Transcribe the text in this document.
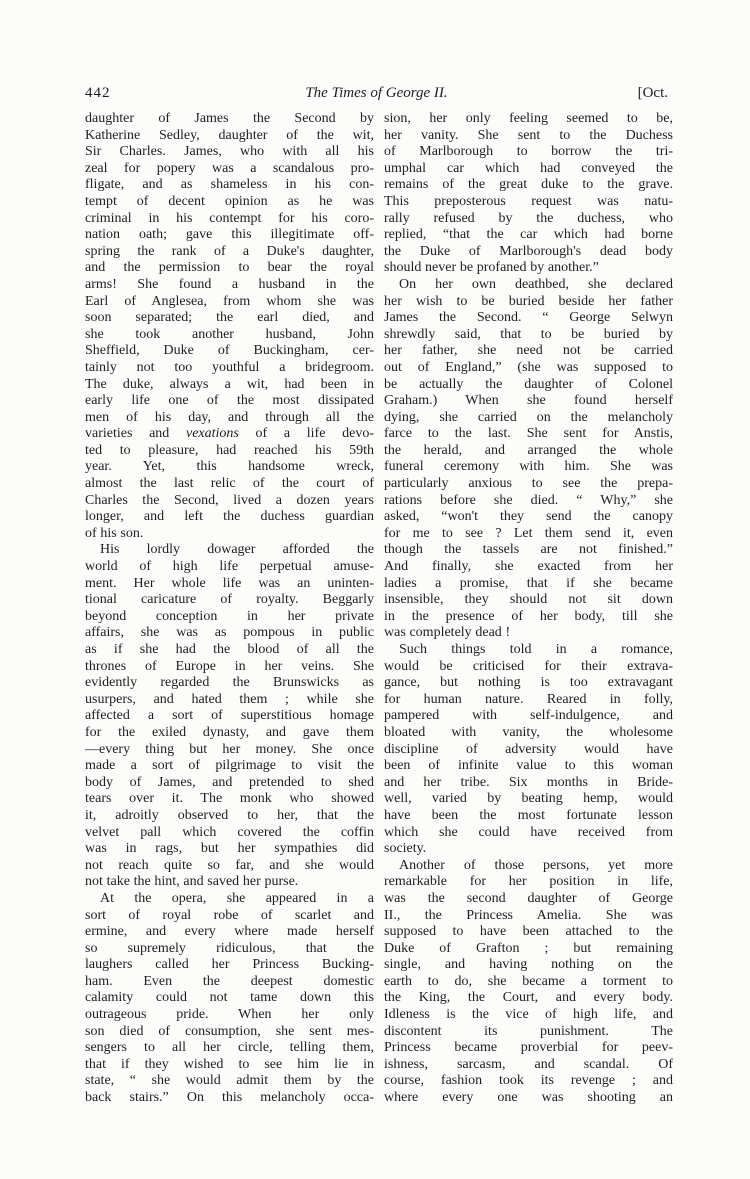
442	The Times of George II.	[Oct.
daughter of James the Second by
Katherine Sedley, daughter of the wit,
Sir Charles. James, who with all his
zeal for popery was a scandalous pro-
fligate, and as shameless in his con-
tempt of decent opinion as he was
criminal in his contempt for his coro-
nation oath; gave this illegitimate off-
spring the rank of a Duke's daughter,
and the permission to bear the royal
arms! She found a husband in the
Earl of Anglesea, from whom she was
soon separated; the earl died, and
she took another husband, John
Sheffield, Duke of Buckingham, cer-
tainly not too youthful a bridegroom.
The duke, always a wit, had been in
early life one of the most dissipated
men of his day, and through all the
varieties and vexations of a life devo-
ted to pleasure, had reached his 59th
year. Yet, this handsome wreck,
almost the last relic of the court of
Charles the Second, lived a dozen years
longer, and left the duchess guardian
of his son.
His lordly dowager afforded the
world of high life perpetual amuse-
ment. Her whole life was an uninten-
tional caricature of royalty. Beggarly
beyond conception in her private
affairs, she was as pompous in public
as if she had the blood of all the
thrones of Europe in her veins. She
evidently regarded the Brunswicks as
usurpers, and hated them ; while she
affected a sort of superstitious homage
for the exiled dynasty, and gave them
—every thing but her money. She once
made a sort of pilgrimage to visit the
body of James, and pretended to shed
tears over it. The monk who showed
it, adroitly observed to her, that the
velvet pall which covered the coffin
was in rags, but her sympathies did
not reach quite so far, and she would
not take the hint, and saved her purse.
At the opera, she appeared in a
sort of royal robe of scarlet and
ermine, and every where made herself
so supremely ridiculous, that the
laughers called her Princess Bucking-
ham. Even the deepest domestic
calamity could not tame down this
outrageous pride. When her only
son died of consumption, she sent mes-
sengers to all her circle, telling them,
that if they wished to see him lie in
state, “ she would admit them by the
back stairs.” On this melancholy occa-
sion, her only feeling seemed to be,
her vanity. She sent to the Duchess
of Marlborough to borrow the tri-
umphal car which had conveyed the
remains of the great duke to the grave.
This preposterous request was natu-
rally refused by the duchess, who
replied, “that the car which had borne
the Duke of Marlborough's dead body
should never be profaned by another.”
On her own deathbed, she declared
her wish to be buried beside her father
James the Second. “ George Selwyn
shrewdly said, that to be buried by
her father, she need not be carried
out of England,” (she was supposed to
be actually the daughter of Colonel
Graham.) When she found herself
dying, she carried on the melancholy
farce to the last. She sent for Anstis,
the herald, and arranged the whole
funeral ceremony with him. She was
particularly anxious to see the prepa-
rations before she died. “ Why,” she
asked, “won't they send the canopy
for me to see ? Let them send it, even
though the tassels are not finished.”
And finally, she exacted from her
ladies a promise, that if she became
insensible, they should not sit down
in the presence of her body, till she
was completely dead !
Such things told in a romance,
would be criticised for their extrava-
gance, but nothing is too extravagant
for human nature. Reared in folly,
pampered with self-indulgence, and
bloated with vanity, the wholesome
discipline of adversity would have
been of infinite value to this woman
and her tribe. Six months in Bride-
well, varied by beating hemp, would
have been the most fortunate lesson
which she could have received from
society.
Another of those persons, yet more
remarkable for her position in life,
was the second daughter of George
II., the Princess Amelia. She was
supposed to have been attached to the
Duke of Grafton ; but remaining
single, and having nothing on the
earth to do, she became a torment to
the King, the Court, and every body.
Idleness is the vice of high life, and
discontent its punishment. The
Princess became proverbial for peev-
ishness, sarcasm, and scandal. Of
course, fashion took its revenge ; and
where every one was shooting an
